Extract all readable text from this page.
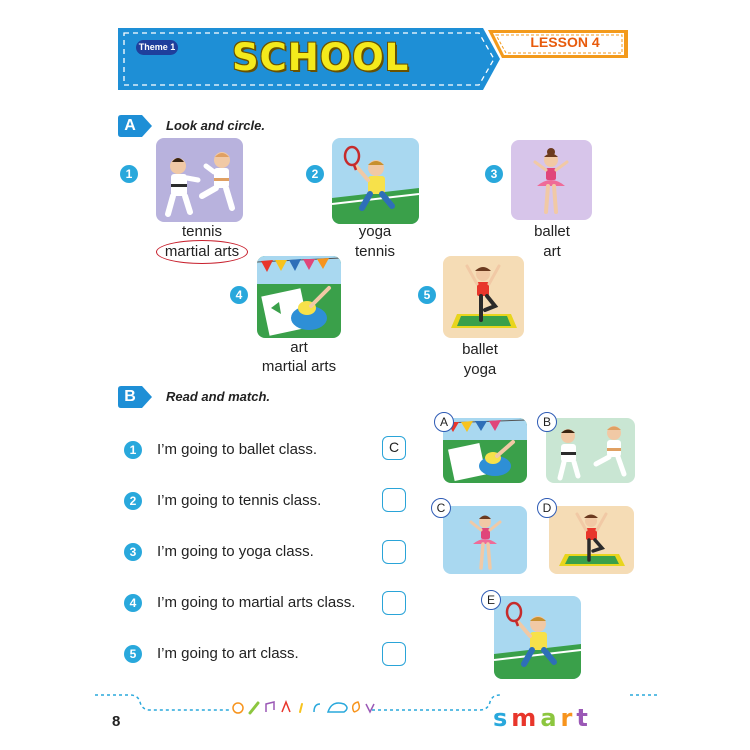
Theme 1 SCHOOL	LESSON 4
A	Look and circle.
1
tennis
martial arts
2
yoga
tennis
3
ballet
art
4
art
martial arts
5
ballet
yoga
B	Read and match.
1	I’m going to ballet class.	C
2	I’m going to tennis class.
3	I’m going to yoga class.
4	I’m going to martial arts class.
5	I’m going to art class.
A	B
C	D
E
8	smart
